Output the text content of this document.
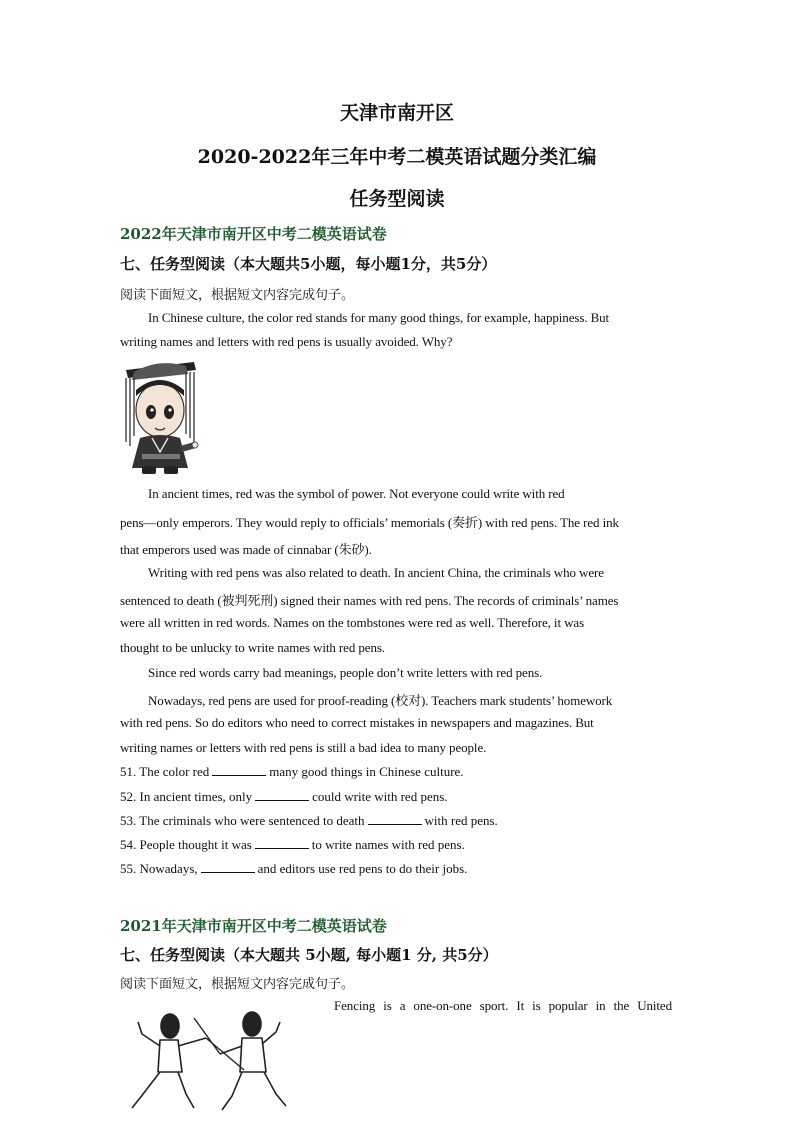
天津市南开区
2020-2022年三年中考二模英语试题分类汇编
任务型阅读
2022年天津市南开区中考二模英语试卷
七、任务型阅读（本大题共5小题，每小题1分，共5分）
阅读下面短文，根据短文内容完成句子。
In Chinese culture, the color red stands for many good things, for example, happiness. But
writing names and letters with red pens is usually avoided. Why?
In ancient times, red was the symbol of power. Not everyone could write with red
pens—only emperors. They would reply to officials’ memorials (奏折) with red pens. The red ink
that emperors used was made of cinnabar (朱砂).
Writing with red pens was also related to death. In ancient China, the criminals who were
sentenced to death (被判死刑) signed their names with red pens. The records of criminals’ names
were all written in red words. Names on the tombstones were red as well. Therefore, it was
thought to be unlucky to write names with red pens.
Since red words carry bad meanings, people don’t write letters with red pens.
Nowadays, red pens are used for proof-reading (校对). Teachers mark students’ homework
with red pens. So do editors who need to correct mistakes in newspapers and magazines. But
writing names or letters with red pens is still a bad idea to many people.
51. The color red	many good things in Chinese culture.
52. In ancient times, only	could write with red pens.
53. The criminals who were sentenced to death	with red pens.
54. People thought it was	to write names with red pens.
55. Nowadays,	and editors use red pens to do their jobs.
2021年天津市南开区中考二模英语试卷
七、任务型阅读（本大题共 5小题, 每小题1 分, 共5分）
阅读下面短文，根据短文内容完成句子。
Fencing is a one-on-one sport. It is popular in the United
